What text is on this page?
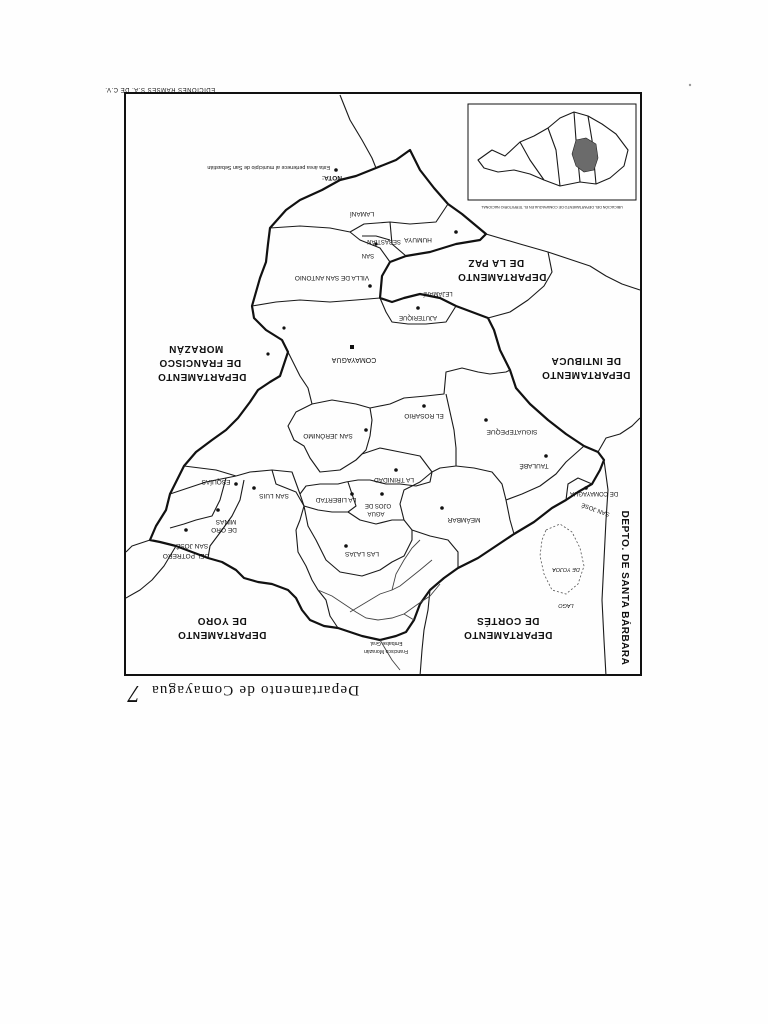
EDICIONES RAMSES S.A. DE C.V.
Departamento de Comayagua
7
UBICACIÓN DEL DEPARTAMENTO DE COMAYAGUA EN EL TERRITORIO NACIONAL
NOTA:
Esta área pertenece al municipio de San Sebastián
Embalse Gral.
Francisco Morazán
LAGO
DE YOJOA
DEPARTAMENTO
DE LA PAZ
DEPARTAMENTO
DE INTIBUCA
DEPARTAMENTO
DE FRANCISCO
MORAZÁN
DEPARTAMENTO
DE YORO
DEPARTAMENTO
DE CORTÉS	DEPTO. DE SANTA BÁRBARA
LAMANÍ
HUMUYA
SAN
SEBASTIÁN
VILLA DE SAN ANTONIO
LEJAMANÍ
AJUTERIQUE
COMAYAGUA
EL ROSARIO
SAN JERÓNIMO
SIGUATEPEQUE
TAULABÉ
SAN JOSÉ
DE COMAYAGUA
LA TRINIDAD
LA LIBERTAD
ESQUÍAS
SAN LUIS
OJOS DE
AGUA
MEÁMBAR
MINAS
DE ORO
SAN JOSÉ
DEL POTRERO	LAS LAJAS
